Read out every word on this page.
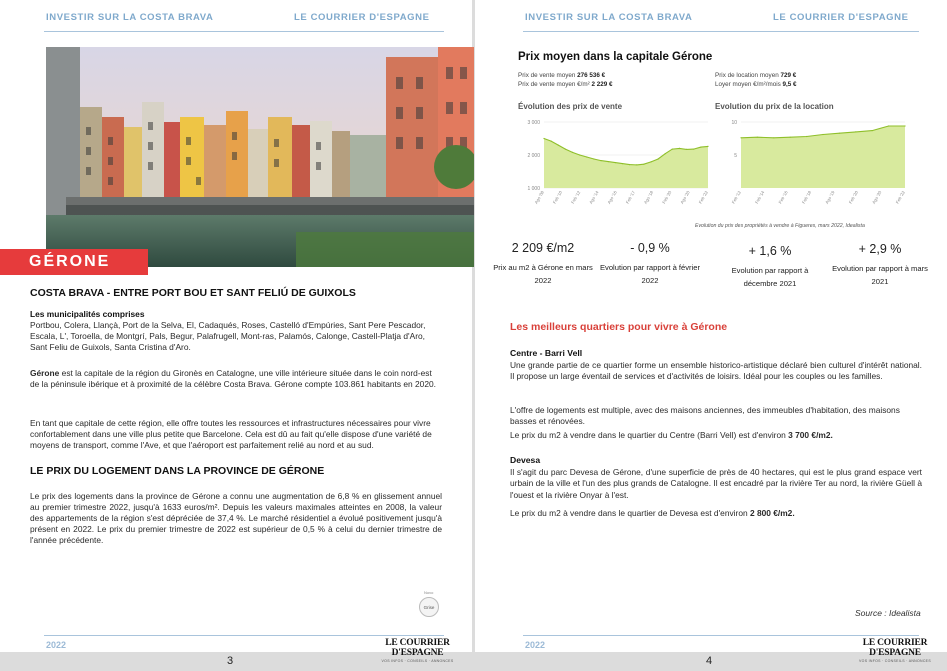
INVESTIR SUR LA COSTA BRAVA	LE COURRIER D'ESPAGNE
GÉRONE
COSTA BRAVA - ENTRE PORT BOU ET SANT FELIÚ DE GUIXOLS
Les municipalités comprises
Portbou, Colera, Llançà, Port de la Selva, El, Cadaqués, Roses, Castelló d'Empúries, Sant Pere Pescador, Escala, L', Toroella, de Montgrí, Pals, Begur, Palafrugell, Mont-ras, Palamós, Calonge, Castell-Platja d'Aro, Sant Feliu de Guixols, Santa Cristina d'Aro.
Gérone est la capitale de la région du Gironès en Catalogne, une ville intérieure située dans le coin nord-est de la péninsule ibérique et à proximité de la célèbre Costa Brava. Gérone compte 103.861 habitants en 2020.
En tant que capitale de cette région, elle offre toutes les ressources et infrastructures nécessaires pour vivre confortablement dans une ville plus petite que Barcelone. Cela est dû au fait qu'elle dispose d'une variété de moyens de transport, comme l'Ave, et que l'aéroport est parfaitement relié au nord et au sud.
LE PRIX DU LOGEMENT DANS LA PROVINCE DE GÉRONE
Le prix des logements dans la province de Gérone a connu une augmentation de 6,8 % en glissement annuel au premier trimestre 2022, jusqu'à 1633 euros/m². Depuis les valeurs maximales atteintes en 2008, la valeur des appartements de la région s'est dépréciée de 37,4 %. Le marché résidentiel a évolué positivement jusqu'à présent en 2022. Le prix du premier trimestre de 2022 est supérieur de 0,5 % à celui du dernier trimestre de l'année précédente.
Novo
Grise
2022	LE COURRIER D'ESPAGNE
VOS INFOS · CONSEILS · ANNONCES
3
INVESTIR SUR LA COSTA BRAVA	LE COURRIER D'ESPAGNE
Prix moyen dans la capitale Gérone
Prix de vente moyen 276 536 €
Prix de vente moyen €/m² 2 229 €
Prix de location moyen 729 €
Loyer moyen €/m²/mois 9,5 €
Évolution des prix de vente	Evolution du prix de la location
3 000
2 000
1 000
Ago '08 Feb '10 Feb '12 Ago '14 Ago '16 Feb '17 Ago '18 Feb '20 Ago '20 Feb '22
10
5
Feb '12	Feb '14	Feb '16	Feb '18	Ago '19	Feb '20	Ago '20	Feb '22
Evolution du prix des propriétés à vendre à Figueres, mars 2022, Idealista
2 209 €/m2
Prix au m2 à Gérone en mars 2022
- 0,9 %
Evolution par rapport à février 2022
+ 1,6 %
Evolution par rapport à décembre 2021
+ 2,9 %
Evolution par rapport à mars 2021
Les meilleurs quartiers pour vivre à Gérone
Centre - Barri Vell
Une grande partie de ce quartier forme un ensemble historico-artistique déclaré bien culturel d'intérêt national. Il propose un large éventail de services et d'activités de loisirs. Idéal pour les couples ou les familles.
L'offre de logements est multiple, avec des maisons anciennes, des immeubles d'habitation, des maisons basses et rénovées.
Le prix du m2 à vendre dans le quartier du Centre (Barri Vell) est d'environ 3 700 €/m2.
Devesa
Il s'agit du parc Devesa de Gérone, d'une superficie de près de 40 hectares, qui est le plus grand espace vert urbain de la ville et l'un des plus grands de Catalogne. Il est encadré par la rivière Ter au nord, la rivière Güell à l'ouest et la rivière Onyar à l'est.
Le prix du m2 à vendre dans le quartier de Devesa est d'environ 2 800 €/m2.
Source : Idealista
2022	LE COURRIER D'ESPAGNE
VOS INFOS · CONSEILS · ANNONCES
4
